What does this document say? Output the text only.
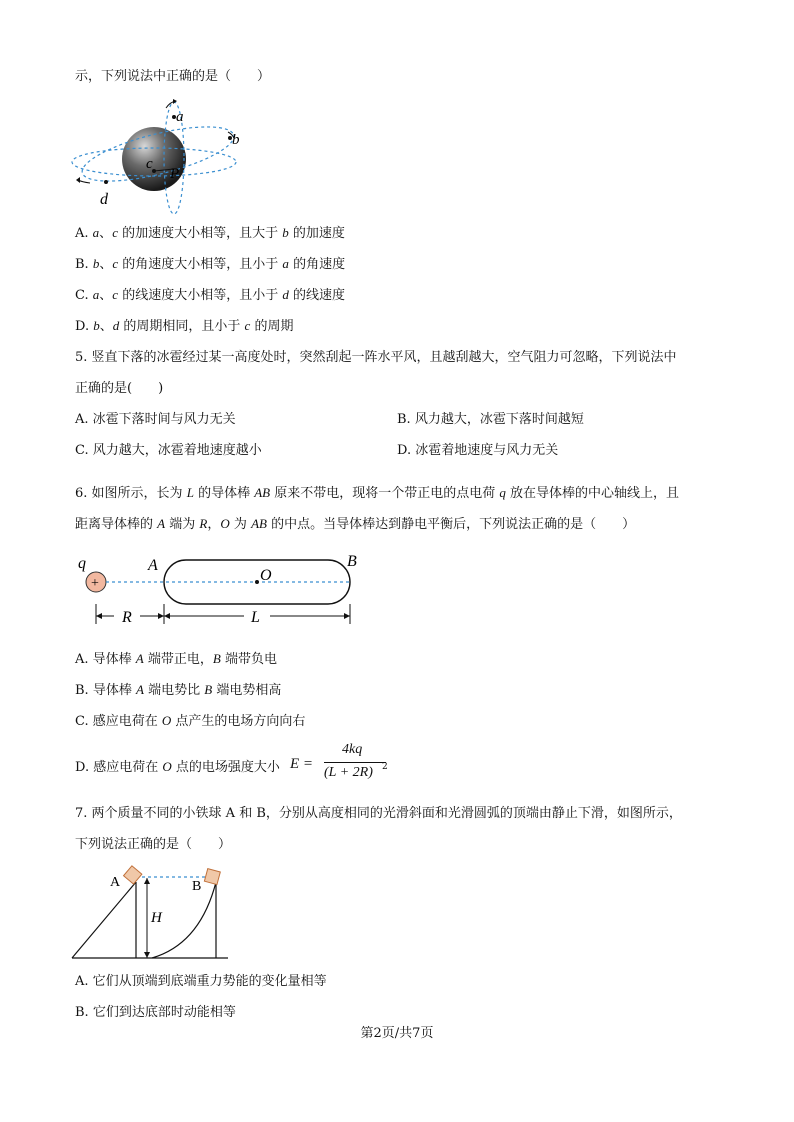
示，下列说法中正确的是（　　）
a
b
c
P
d
A. a、c 的加速度大小相等，且大于 b 的加速度
B. b、c 的角速度大小相等，且小于 a 的角速度
C. a、c 的线速度大小相等，且小于 d 的线速度
D. b、d 的周期相同，且小于 c 的周期
5. 竖直下落的冰雹经过某一高度处时，突然刮起一阵水平风，且越刮越大，空气阻力可忽略，下列说法中
正确的是(　　)
A. 冰雹下落时间与风力无关	B. 风力越大，冰雹下落时间越短
C. 风力越大，冰雹着地速度越小	D. 冰雹着地速度与风力无关
6. 如图所示，长为 L 的导体棒 AB 原来不带电，现将一个带正电的点电荷 q 放在导体棒的中心轴线上，且
距离导体棒的 A 端为 R，O 为 AB 的中点。当导体棒达到静电平衡后，下列说法正确的是（　　）
+
q	A	B
O
R	L
A. 导体棒 A 端带正电，B 端带负电
B. 导体棒 A 端电势比 B 端电势相高
C. 感应电荷在 O 点产生的电场方向向右
D. 感应电荷在 O 点的电场强度大小 E =
4kq
(L + 2R) 2
7. 两个质量不同的小铁球 A 和 B，分别从高度相同的光滑斜面和光滑圆弧的顶端由静止下滑，如图所示，
下列说法正确的是（　　）
A	B
H
A. 它们从顶端到底端重力势能的变化量相等
B. 它们到达底部时动能相等
第2页/共7页
